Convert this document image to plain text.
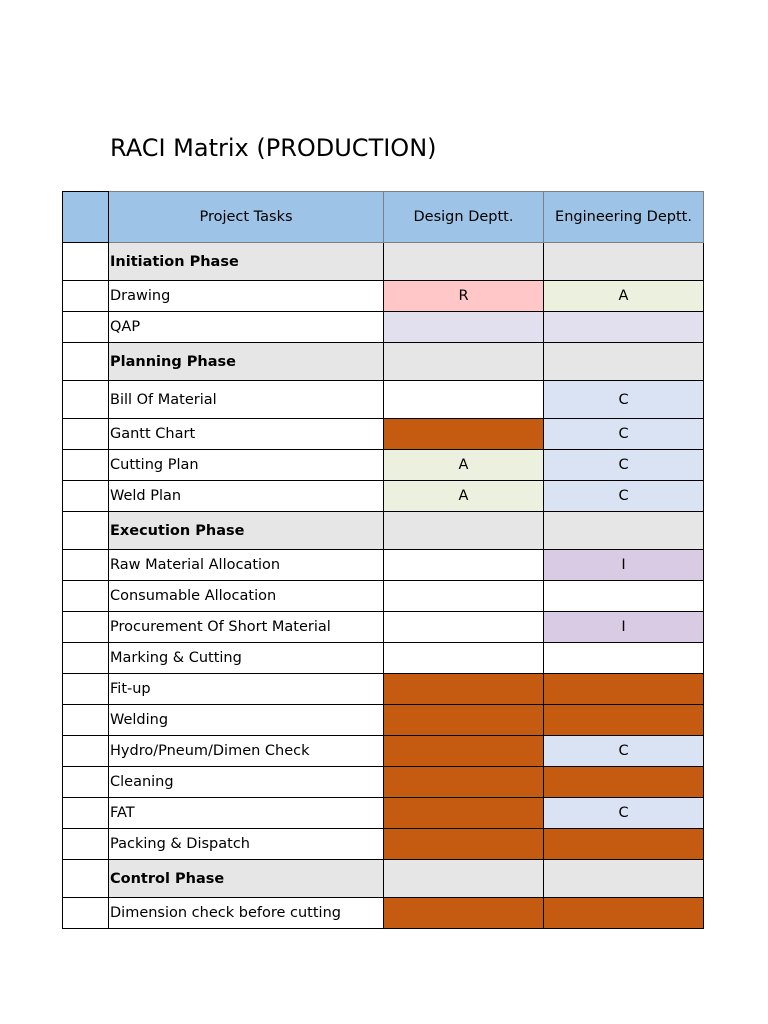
RACI Matrix (PRODUCTION)
	Project Tasks	Design Deptt.	Engineering Deptt.
	Initiation Phase		
	Drawing	R	A
	QAP		
	Planning Phase		
	Bill Of Material		C
	Gantt Chart		C
	Cutting Plan	A	C
	Weld Plan	A	C
	Execution Phase		
	Raw Material Allocation		I
	Consumable Allocation		
	Procurement Of Short Material		I
	Marking & Cutting		
	Fit-up		
	Welding		
	Hydro/Pneum/Dimen Check		C
	Cleaning		
	FAT		C
	Packing & Dispatch		
	Control Phase		
	Dimension check before cutting		
